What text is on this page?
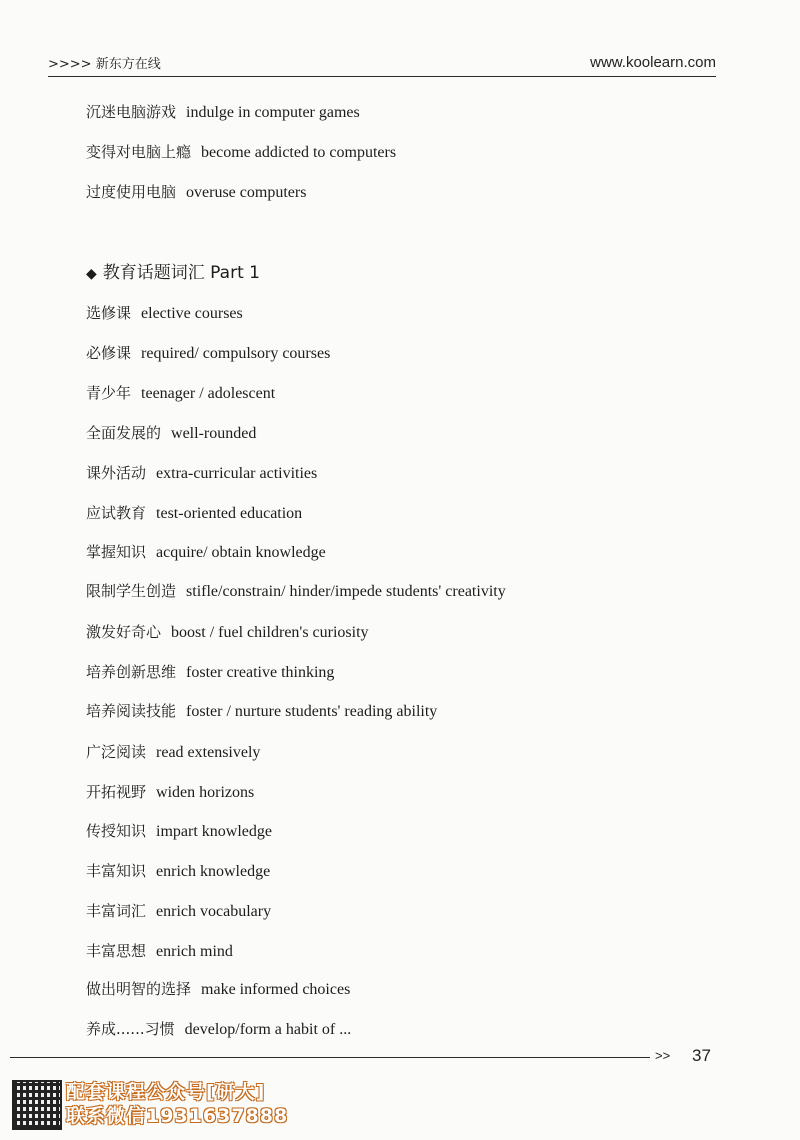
>>>> 新东方在线	www.koolearn.com
沉迷电脑游戏 indulge in computer games
变得对电脑上瘾 become addicted to computers
过度使用电脑 overuse computers
◆ 教育话题词汇 Part 1
选修课 elective courses
必修课 required/ compulsory courses
青少年 teenager / adolescent
全面发展的 well-rounded
课外活动 extra-curricular activities
应试教育 test-oriented education
掌握知识 acquire/ obtain knowledge
限制学生创造 stifle/constrain/ hinder/impede students' creativity
激发好奇心 boost / fuel children's curiosity
培养创新思维 foster creative thinking
培养阅读技能 foster / nurture students' reading ability
广泛阅读 read extensively
开拓视野 widen horizons
传授知识 impart knowledge
丰富知识 enrich knowledge
丰富词汇 enrich vocabulary
丰富思想 enrich mind
做出明智的选择 make informed choices
养成......习惯 develop/form a habit of ...
>> 37
配套课程公众号[研大]
联系微信1931637888
